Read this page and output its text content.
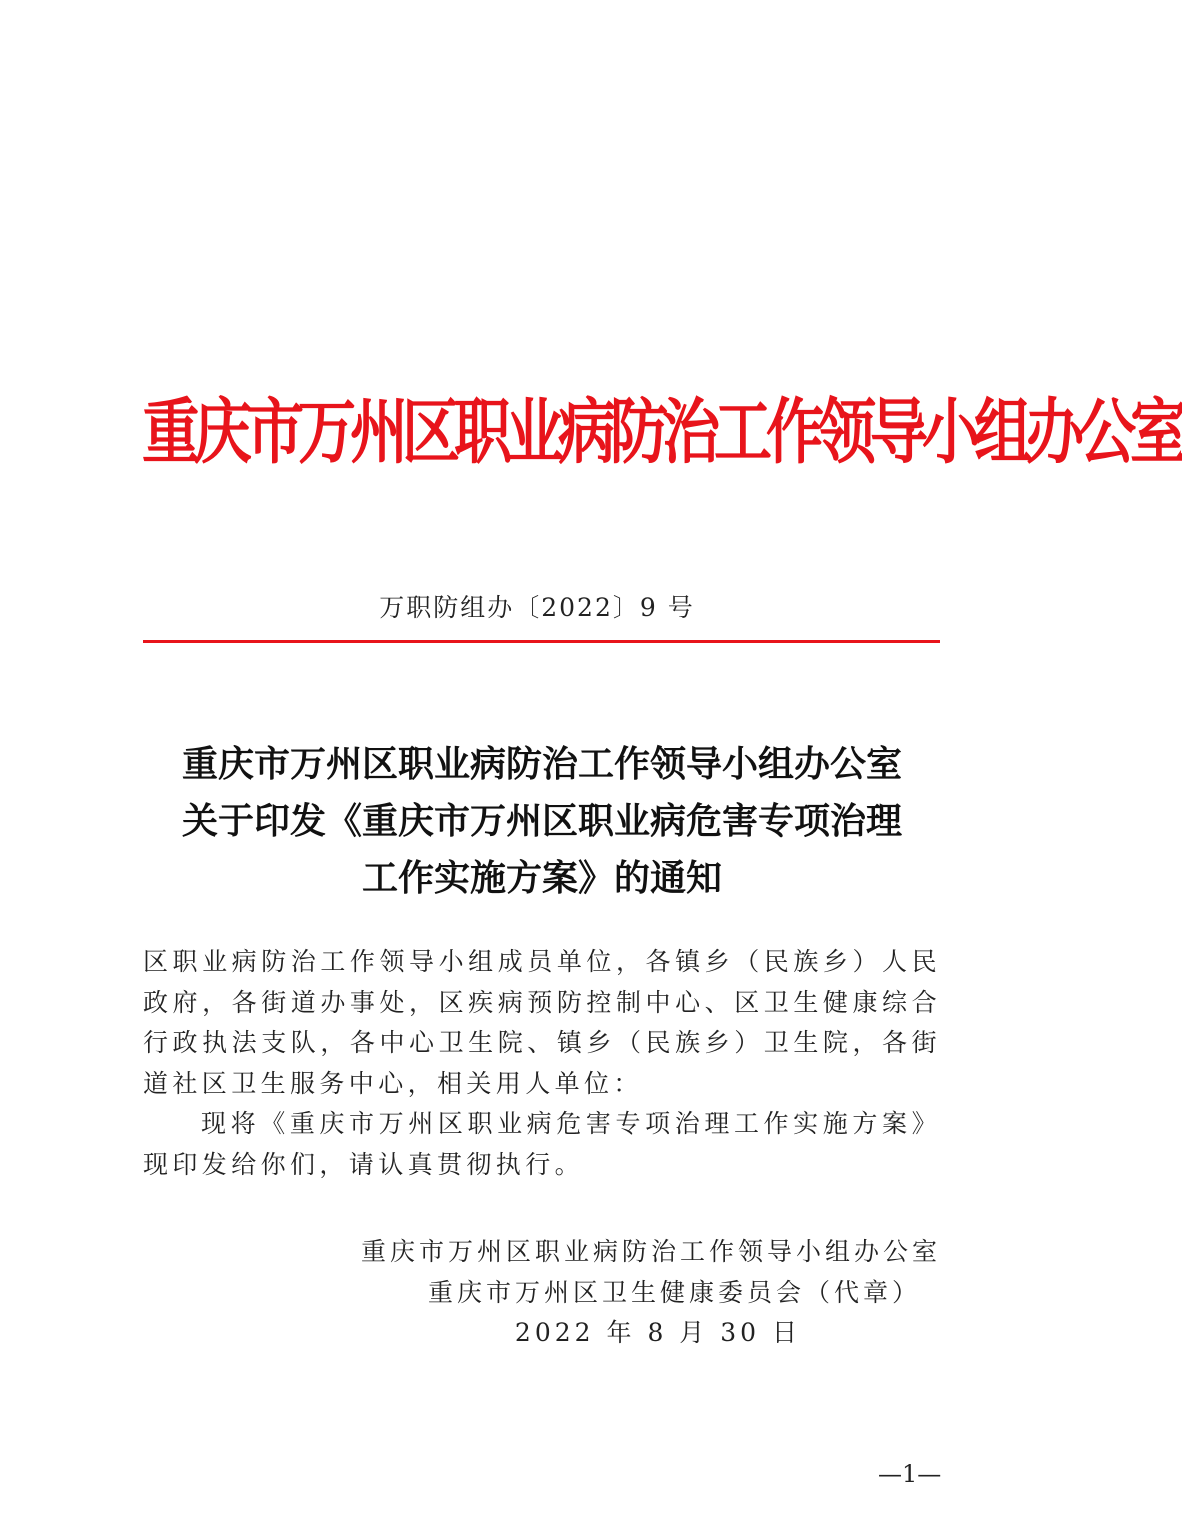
重庆市万州区职业病防治工作领导小组办公室
万职防组办〔2022〕9 号
重庆市万州区职业病防治工作领导小组办公室
关于印发《重庆市万州区职业病危害专项治理
工作实施方案》的通知

区职业病防治工作领导小组成员单位，各镇乡（民族乡）人民政府，各街道办事处，区疾病预防控制中心、区卫生健康综合行政执法支队，各中心卫生院、镇乡（民族乡）卫生院，各街道社区卫生服务中心，相关用人单位：

现将《重庆市万州区职业病危害专项治理工作实施方案》现印发给你们，请认真贯彻执行。

重庆市万州区职业病防治工作领导小组办公室
重庆市万州区卫生健康委员会（代章）
2022 年 8 月 30 日
—1—
